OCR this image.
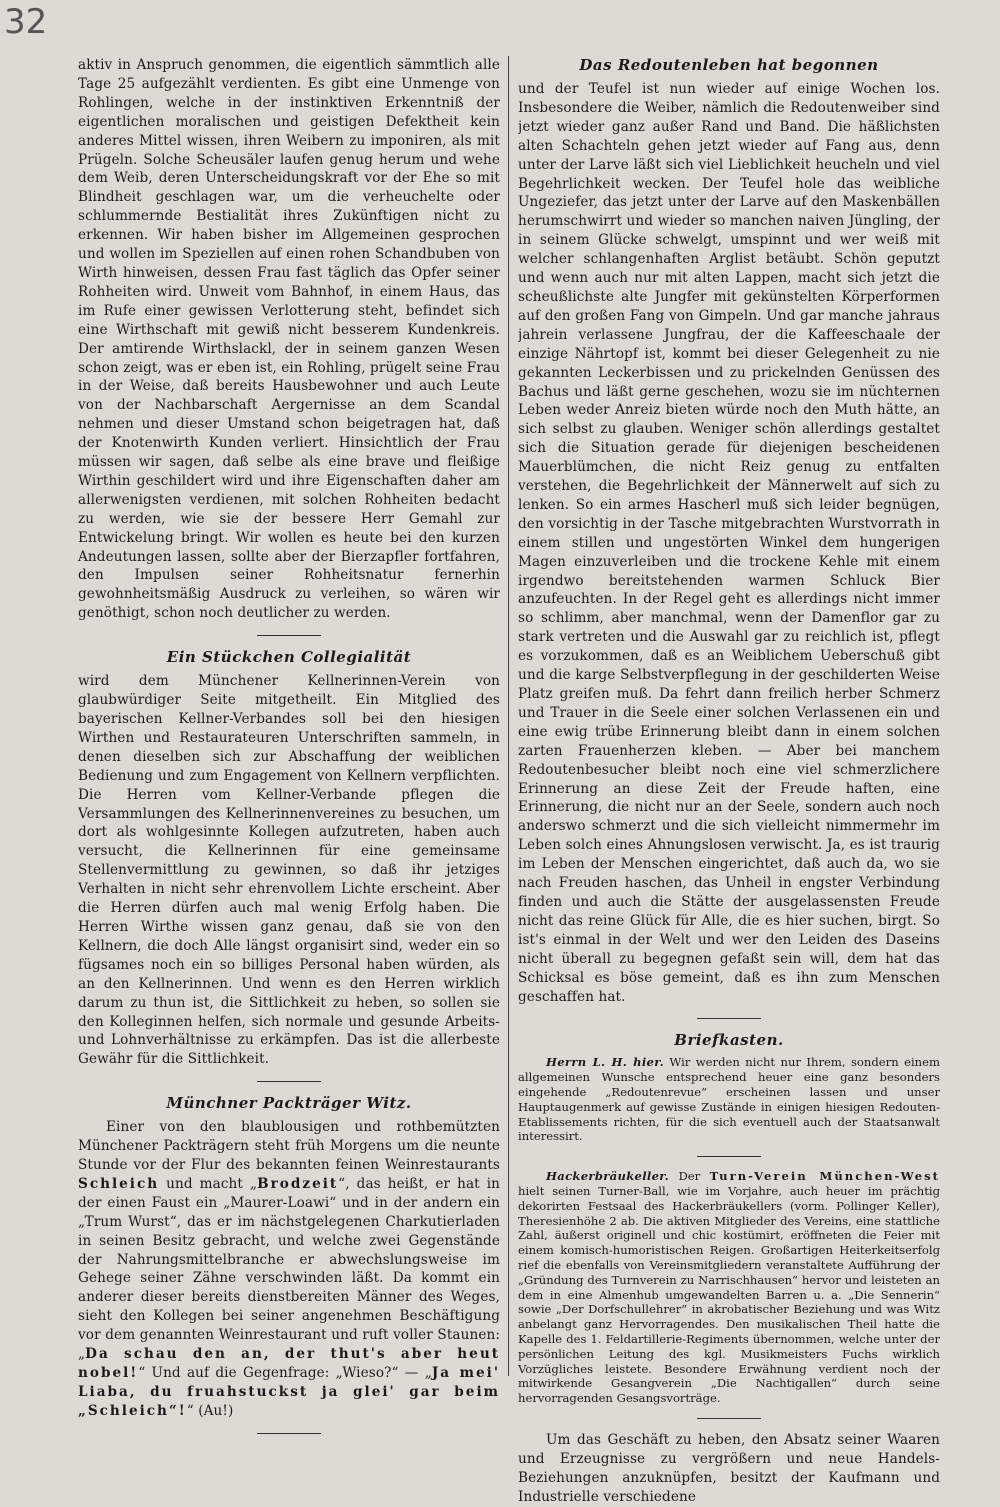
32

aktiv in Anspruch genommen, die eigentlich sämmtlich alle Tage 25 aufgezählt verdienten. Es gibt eine Unmenge von Rohlingen, welche in der instinktiven Erkenntniß der eigentlichen moralischen und geistigen Defektheit kein anderes Mittel wissen, ihren Weibern zu imponiren, als mit Prügeln. Solche Scheusäler laufen genug herum und wehe dem Weib, deren Unterscheidungskraft vor der Ehe so mit Blindheit geschlagen war, um die verheuchelte oder schlummernde Bestialität ihres Zukünftigen nicht zu erkennen. Wir haben bisher im Allgemeinen gesprochen und wollen im Speziellen auf einen rohen Schandbuben von Wirth hinweisen, dessen Frau fast täglich das Opfer seiner Rohheiten wird. Unweit vom Bahnhof, in einem Haus, das im Rufe einer gewissen Verlotterung steht, befindet sich eine Wirthschaft mit gewiß nicht besserem Kundenkreis. Der amtirende Wirthslackl, der in seinem ganzen Wesen schon zeigt, was er eben ist, ein Rohling, prügelt seine Frau in der Weise, daß bereits Hausbewohner und auch Leute von der Nachbarschaft Aergernisse an dem Scandal nehmen und dieser Umstand schon beigetragen hat, daß der Knotenwirth Kunden verliert. Hinsichtlich der Frau müssen wir sagen, daß selbe als eine brave und fleißige Wirthin geschildert wird und ihre Eigenschaften daher am allerwenigsten verdienen, mit solchen Rohheiten bedacht zu werden, wie sie der bessere Herr Gemahl zur Entwickelung bringt. Wir wollen es heute bei den kurzen Andeutungen lassen, sollte aber der Bierzapfler fortfahren, den Impulsen seiner Rohheitsnatur fernerhin gewohnheitsmäßig Ausdruck zu verleihen, so wären wir genöthigt, schon noch deutlicher zu werden.

Ein Stückchen Collegialität

wird dem Münchener Kellnerinnen-Verein von glaubwürdiger Seite mitgetheilt. Ein Mitglied des bayerischen Kellner-Verbandes soll bei den hiesigen Wirthen und Restaurateuren Unterschriften sammeln, in denen dieselben sich zur Abschaffung der weiblichen Bedienung und zum Engagement von Kellnern verpflichten. Die Herren vom Kellner-Verbande pflegen die Versammlungen des Kellnerinnenvereines zu besuchen, um dort als wohlgesinnte Kollegen aufzutreten, haben auch versucht, die Kellnerinnen für eine gemeinsame Stellenvermittlung zu gewinnen, so daß ihr jetziges Verhalten in nicht sehr ehrenvollem Lichte erscheint. Aber die Herren dürfen auch mal wenig Erfolg haben. Die Herren Wirthe wissen ganz genau, daß sie von den Kellnern, die doch Alle längst organisirt sind, weder ein so fügsames noch ein so billiges Personal haben würden, als an den Kellnerinnen. Und wenn es den Herren wirklich darum zu thun ist, die Sittlichkeit zu heben, so sollen sie den Kolleginnen helfen, sich normale und gesunde Arbeits- und Lohnverhältnisse zu erkämpfen. Das ist die allerbeste Gewähr für die Sittlichkeit.

Münchner Packträger Witz.

Einer von den blaublousigen und rothbemützten Münchener Packträgern steht früh Morgens um die neunte Stunde vor der Flur des bekannten feinen Weinrestaurants Schleich und macht „Brodzeit“, das heißt, er hat in der einen Faust ein „Maurer-Loawi“ und in der andern ein „Trum Wurst“, das er im nächstgelegenen Charkutierladen in seinen Besitz gebracht, und welche zwei Gegenstände der Nahrungsmittelbranche er abwechslungsweise im Gehege seiner Zähne verschwinden läßt. Da kommt ein anderer dieser bereits dienstbereiten Männer des Weges, sieht den Kollegen bei seiner angenehmen Beschäftigung vor dem genannten Weinrestaurant und ruft voller Staunen: „Da schau den an, der thut's aber heut nobel!“ Und auf die Gegenfrage: „Wieso?“ — „Ja mei' Liaba, du fruahstuckst ja glei' gar beim „Schleich“!“ (Au!)

Das Redoutenleben hat begonnen

und der Teufel ist nun wieder auf einige Wochen los. Insbesondere die Weiber, nämlich die Redoutenweiber sind jetzt wieder ganz außer Rand und Band. Die häßlichsten alten Schachteln gehen jetzt wieder auf Fang aus, denn unter der Larve läßt sich viel Lieblichkeit heucheln und viel Begehrlichkeit wecken. Der Teufel hole das weibliche Ungeziefer, das jetzt unter der Larve auf den Maskenbällen herumschwirrt und wieder so manchen naiven Jüngling, der in seinem Glücke schwelgt, umspinnt und wer weiß mit welcher schlangenhaften Arglist betäubt. Schön geputzt und wenn auch nur mit alten Lappen, macht sich jetzt die scheußlichste alte Jungfer mit gekünstelten Körperformen auf den großen Fang von Gimpeln. Und gar manche jahraus jahrein verlassene Jungfrau, der die Kaffeeschaale der einzige Nährtopf ist, kommt bei dieser Gelegenheit zu nie gekannten Leckerbissen und zu prickelnden Genüssen des Bachus und läßt gerne geschehen, wozu sie im nüchternen Leben weder Anreiz bieten würde noch den Muth hätte, an sich selbst zu glauben. Weniger schön allerdings gestaltet sich die Situation gerade für diejenigen bescheidenen Mauerblümchen, die nicht Reiz genug zu entfalten verstehen, die Begehrlichkeit der Männerwelt auf sich zu lenken. So ein armes Hascherl muß sich leider begnügen, den vorsichtig in der Tasche mitgebrachten Wurstvorrath in einem stillen und ungestörten Winkel dem hungerigen Magen einzuverleiben und die trockene Kehle mit einem irgendwo bereitstehenden warmen Schluck Bier anzufeuchten. In der Regel geht es allerdings nicht immer so schlimm, aber manchmal, wenn der Damenflor gar zu stark vertreten und die Auswahl gar zu reichlich ist, pflegt es vorzukommen, daß es an Weiblichem Ueberschuß gibt und die karge Selbstverpflegung in der geschilderten Weise Platz greifen muß. Da fehrt dann freilich herber Schmerz und Trauer in die Seele einer solchen Verlassenen ein und eine ewig trübe Erinnerung bleibt dann in einem solchen zarten Frauenherzen kleben. — Aber bei manchem Redoutenbesucher bleibt noch eine viel schmerzlichere Erinnerung an diese Zeit der Freude haften, eine Erinnerung, die nicht nur an der Seele, sondern auch noch anderswo schmerzt und die sich vielleicht nimmermehr im Leben solch eines Ahnungslosen verwischt. Ja, es ist traurig im Leben der Menschen eingerichtet, daß auch da, wo sie nach Freuden haschen, das Unheil in engster Verbindung finden und auch die Stätte der ausgelassensten Freude nicht das reine Glück für Alle, die es hier suchen, birgt. So ist's einmal in der Welt und wer den Leiden des Daseins nicht überall zu begegnen gefaßt sein will, dem hat das Schicksal es böse gemeint, daß es ihn zum Menschen geschaffen hat.

Briefkasten.

Herrn L. H. hier. Wir werden nicht nur Ihrem, sondern einem allgemeinen Wunsche entsprechend heuer eine ganz besonders eingehende „Redoutenrevue“ erscheinen lassen und unser Hauptaugenmerk auf gewisse Zustände in einigen hiesigen Redouten-Etablissements richten, für die sich eventuell auch der Staatsanwalt interessirt.

Hackerbräukeller. Der Turn-Verein München-West hielt seinen Turner-Ball, wie im Vorjahre, auch heuer im prächtig dekorirten Festsaal des Hackerbräukellers (vorm. Pollinger Keller), Theresienhöhe 2 ab. Die aktiven Mitglieder des Vereins, eine stattliche Zahl, äußerst originell und chic kostümirt, eröffneten die Feier mit einem komisch-humoristischen Reigen. Großartigen Heiterkeitserfolg rief die ebenfalls von Vereinsmitgliedern veranstaltete Aufführung der „Gründung des Turnverein zu Narrischhausen“ hervor und leisteten an dem in eine Almenhub umgewandelten Barren u. a. „Die Sennerin“ sowie „Der Dorfschullehrer“ in akrobatischer Beziehung und was Witz anbelangt ganz Hervorragendes. Den musikalischen Theil hatte die Kapelle des 1. Feldartillerie-Regiments übernommen, welche unter der persönlichen Leitung des kgl. Musikmeisters Fuchs wirklich Vorzügliches leistete. Besondere Erwähnung verdient noch der mitwirkende Gesangverein „Die Nachtigallen“ durch seine hervorragenden Gesangsvorträge.

Um das Geschäft zu heben, den Absatz seiner Waaren und Erzeugnisse zu vergrößern und neue Handels-Beziehungen anzuknüpfen, besitzt der Kaufmann und Industrielle verschiedene
